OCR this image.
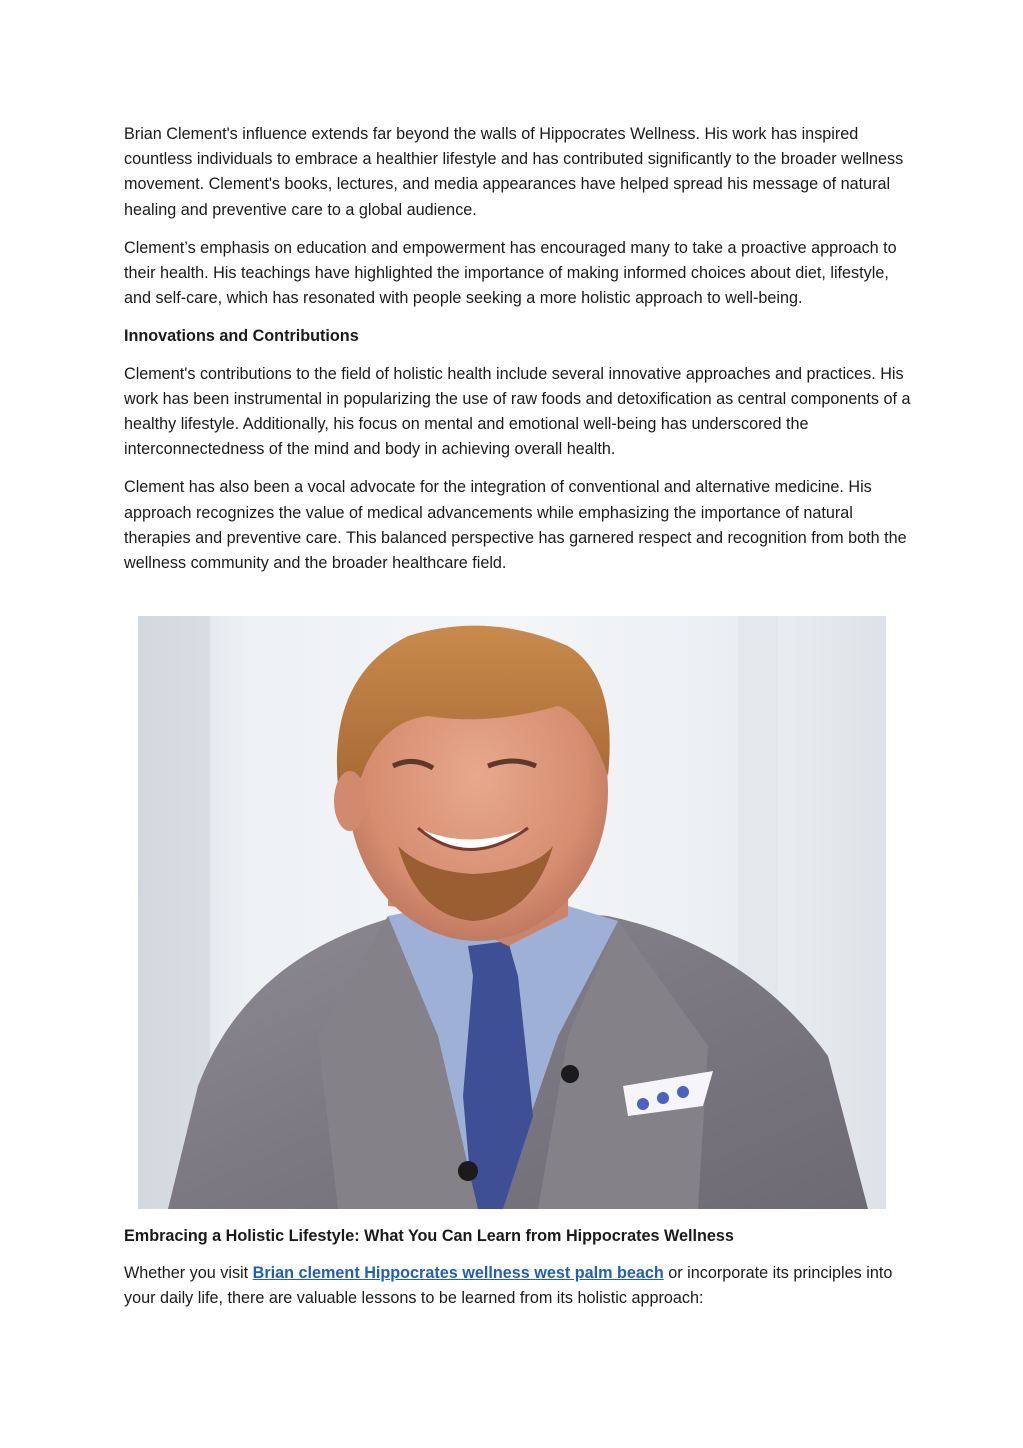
Brian Clement's influence extends far beyond the walls of Hippocrates Wellness. His work has inspired countless individuals to embrace a healthier lifestyle and has contributed significantly to the broader wellness movement. Clement's books, lectures, and media appearances have helped spread his message of natural healing and preventive care to a global audience.

Clement’s emphasis on education and empowerment has encouraged many to take a proactive approach to their health. His teachings have highlighted the importance of making informed choices about diet, lifestyle, and self-care, which has resonated with people seeking a more holistic approach to well-being.

Innovations and Contributions

Clement's contributions to the field of holistic health include several innovative approaches and practices. His work has been instrumental in popularizing the use of raw foods and detoxification as central components of a healthy lifestyle. Additionally, his focus on mental and emotional well-being has underscored the interconnectedness of the mind and body in achieving overall health.

Clement has also been a vocal advocate for the integration of conventional and alternative medicine. His approach recognizes the value of medical advancements while emphasizing the importance of natural therapies and preventive care. This balanced perspective has garnered respect and recognition from both the wellness community and the broader healthcare field.

Embracing a Holistic Lifestyle: What You Can Learn from Hippocrates Wellness

Whether you visit Brian clement Hippocrates wellness west palm beach or incorporate its principles into your daily life, there are valuable lessons to be learned from its holistic approach:
